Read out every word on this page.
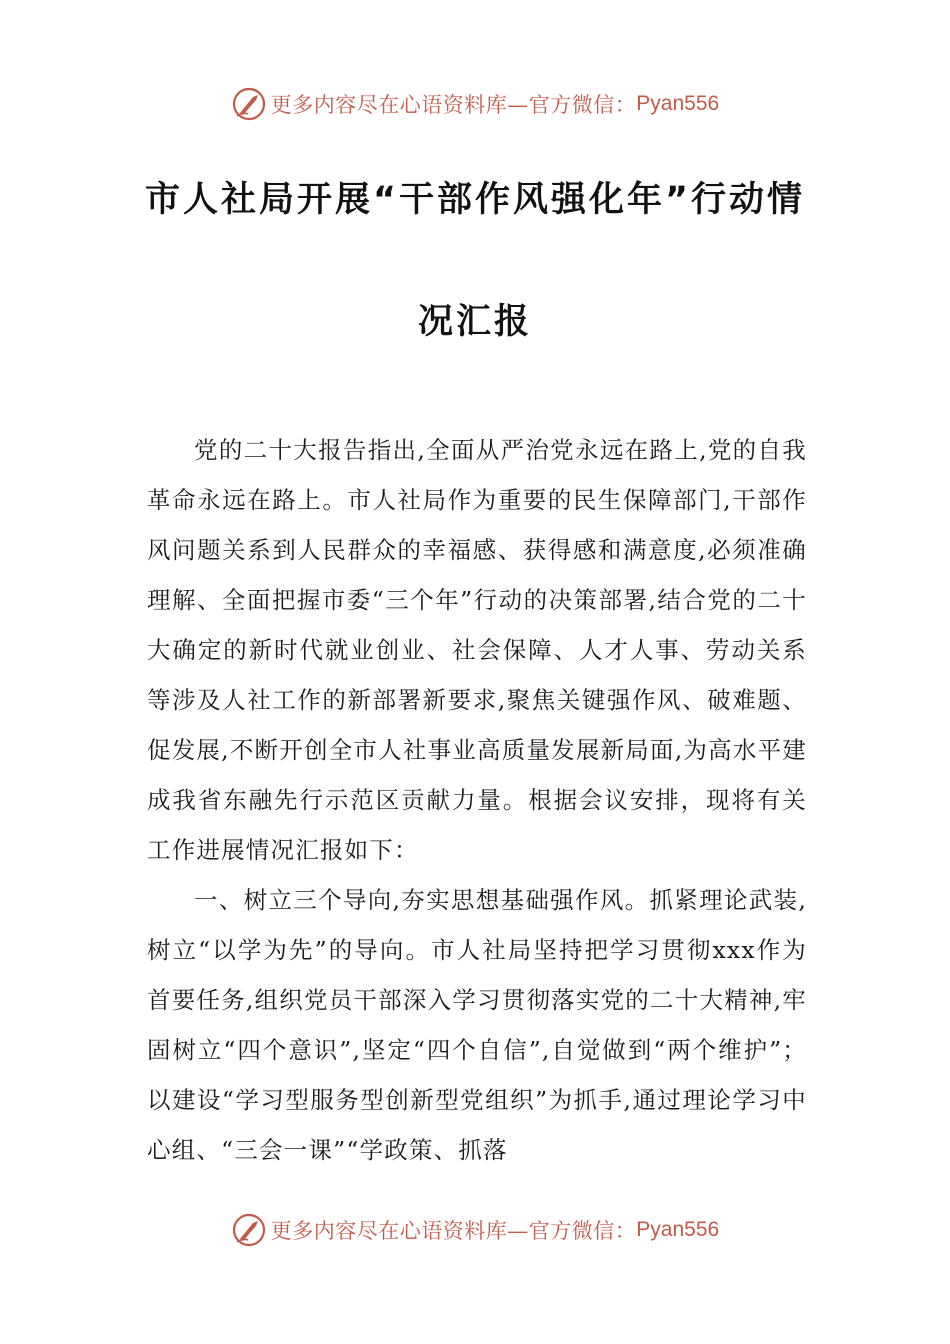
更多内容尽在心语资料库—官方微信： Pyan556
市人社局开展“干部作风强化年”行动情
况汇报

党的二十大报告指出,全面从严治党永远在路上,党的自我革命永远在路上。市人社局作为重要的民生保障部门,干部作风问题关系到人民群众的幸福感、获得感和满意度,必须准确理解、全面把握市委“三个年”行动的决策部署,结合党的二十大确定的新时代就业创业、社会保障、人才人事、劳动关系等涉及人社工作的新部署新要求,聚焦关键强作风、破难题、促发展,不断开创全市人社事业高质量发展新局面,为高水平建成我省东融先行示范区贡献力量。根据会议安排，现将有关工作进展情况汇报如下：

一、树立三个导向,夯实思想基础强作风。抓紧理论武装,树立“以学为先”的导向。市人社局坚持把学习贯彻xxx作为首要任务,组织党员干部深入学习贯彻落实党的二十大精神,牢固树立“四个意识”,坚定“四个自信”,自觉做到“两个维护”；以建设“学习型服务型创新型党组织”为抓手,通过理论学习中心组、“三会一课”“学政策、抓落

更多内容尽在心语资料库—官方微信： Pyan556
